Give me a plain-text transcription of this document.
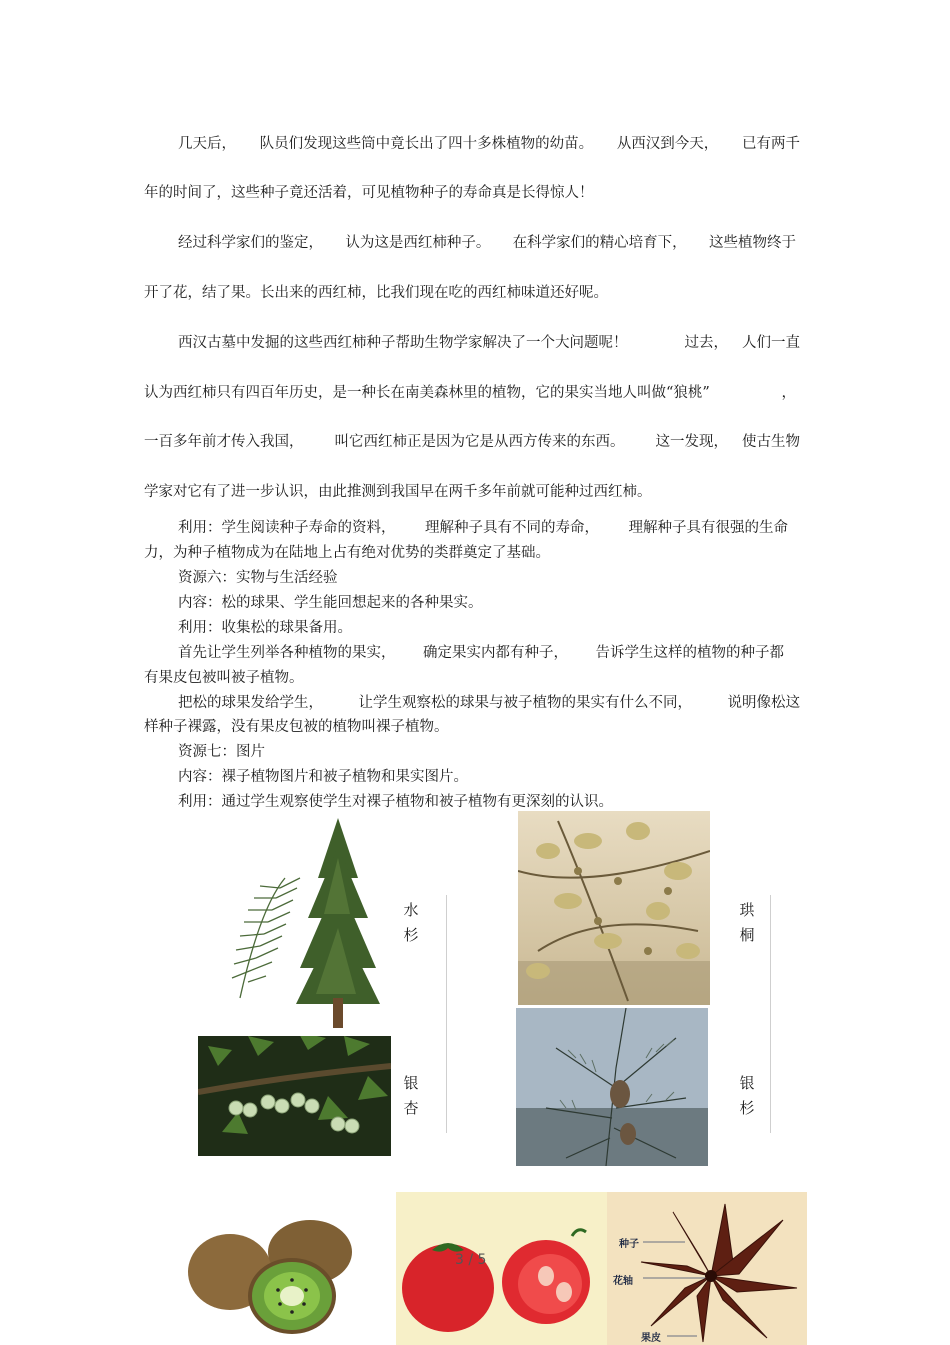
几天后， 队员们发现这些筒中竟长出了四十多株植物的幼苗。 从西汉到今天， 已有两千
年的时间了，这些种子竟还活着，可见植物种子的寿命真是长得惊人！
经过科学家们的鉴定， 认为这是西红柿种子。 在科学家们的精心培育下， 这些植物终于
开了花，结了果。长出来的西红柿，比我们现在吃的西红柿味道还好呢。
西汉古墓中发掘的这些西红柿种子帮助生物学家解决了一个大问题呢！	过去， 人们一直
认为西红柿只有四百年历史，是一种长在南美森林里的植物，它的果实当地人叫做“狼桃”	，
一百多年前才传入我国， 叫它西红柿正是因为它是从西方传来的东西。 这一发现， 使古生物
学家对它有了进一步认识，由此推测到我国早在两千多年前就可能种过西红柿。
利用：学生阅读种子寿命的资料， 理解种子具有不同的寿命， 理解种子具有很强的生命
力，为种子植物成为在陆地上占有绝对优势的类群奠定了基础。
资源六：实物与生活经验
内容：松的球果、学生能回想起来的各种果实。
利用：收集松的球果备用。
首先让学生列举各种植物的果实， 确定果实内都有种子， 告诉学生这样的植物的种子都
有果皮包被叫被子植物。
把松的球果发给学生， 让学生观察松的球果与被子植物的果实有什么不同， 说明像松这
样种子裸露，没有果皮包被的植物叫裸子植物。
资源七：图片
内容：裸子植物图片和被子植物和果实图片。
利用：通过学生观察使学生对裸子植物和被子植物有更深刻的认识。
水杉
珙桐
银杏
银杉
种子
花轴
果皮
3 / 5
